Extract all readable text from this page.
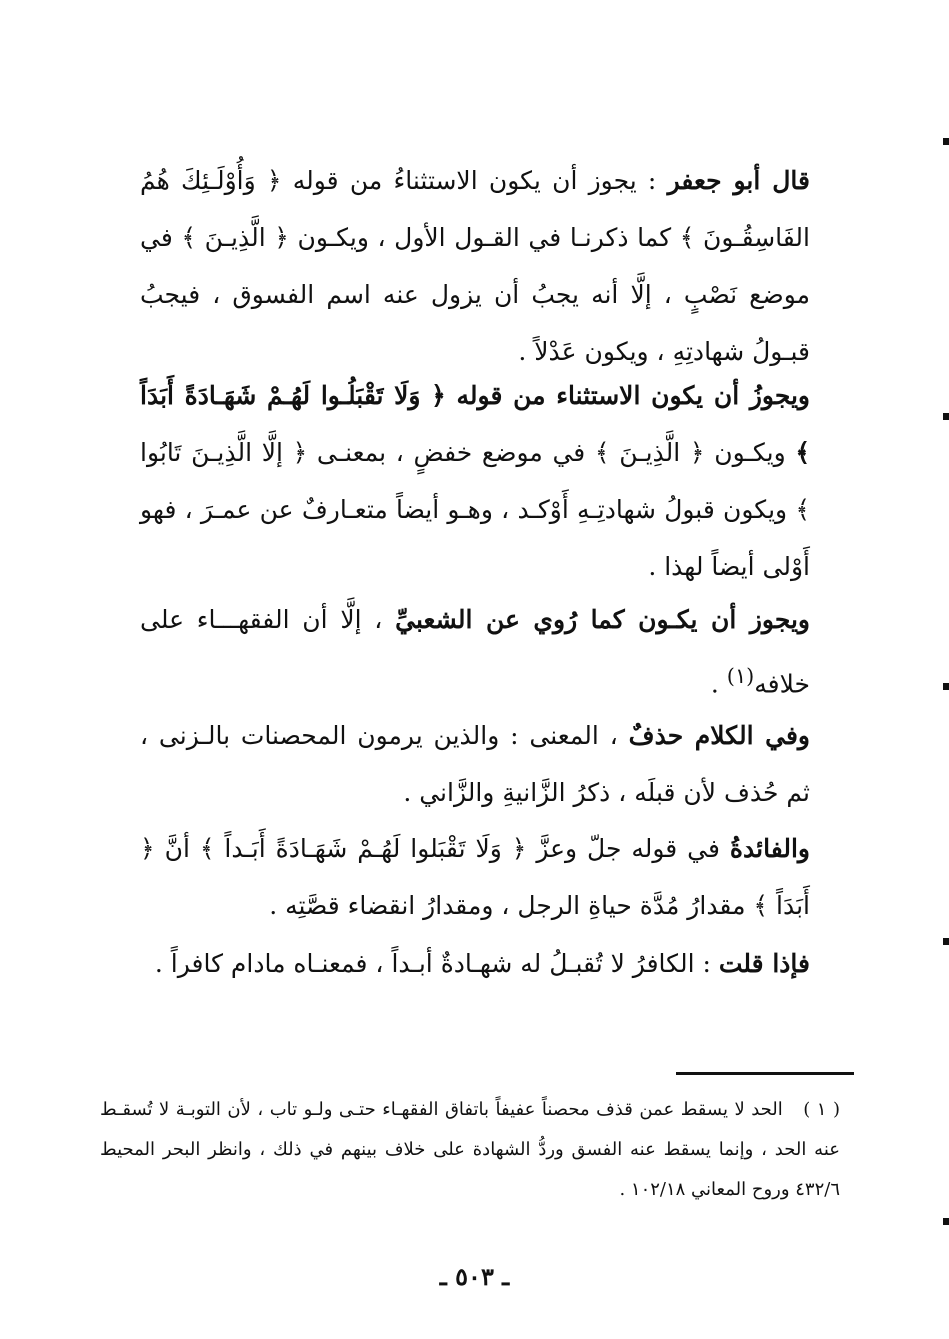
قال أبو جعفر : يجوز أن يكون الاستثناءُ من قوله ﴿ وَأُوْلَـئِكَ هُمُ الفَاسِقُـونَ ﴾ كما ذكرنـا في القـول الأول ، ويكـون ﴿ الَّذِيـنَ ﴾ في موضع نَصْبٍ ، إلَّا أنه يجبُ أن يزول عنه اسم الفسوق ، فيجبُ قبـولُ شهادتِهِ ، ويكون عَدْلاً .
ويجوزُ أن يكون الاستثناء من قوله ﴿ وَلَا تَقْبَلُـوا لَهُـمْ شَهَـادَةً أَبَدَاً ﴾ ويكـون ﴿ الَّذِيـنَ ﴾ في موضع خفضٍ ، بمعنـى ﴿ إلَّا الَّذِيـنَ تَابُوا ﴾ ويكون قبولُ شهادتِـهِ أَوْكـد ، وهـو أيضاً متعـارفٌ عن عمـرَ ، فهو أَوْلى أيضاً لهذا .
ويجوز أن يكـون كما رُوي عن الشعبيِّ ، إلَّا أن الفقهـــاء على خلافه$^{(١)}$ .
وفي الكلام حذفٌ ، المعنى : والذين يرمون المحصنات بالـزنى ، ثم حُذف لأن قبلَه ، ذكرُ الزَّانيةِ والزَّاني .
والفائدةُ في قوله جلّ وعزَّ ﴿ وَلَا تَقْبَلوا لَهُـمْ شَهَـادَةً أَبَـداً ﴾ أنَّ ﴿ أَبَدَاً ﴾ مقدارُ مُدَّة حياةِ الرجل ، ومقدارُ انقضاء قصَّتِه .
فإذا قلت : الكافرُ لا تُقبـلُ له شهـادةٌ أبـداً ، فمعنـاه مادام كافراً .
( ١ ) الحد لا يسقط عمن قذف محصناً عفيفاً باتفاق الفقهـاء حتـى ولـو تاب ، لأن التوبـة لا تُسقـط عنه الحد ، وإنما يسقط عنه الفسق وردُّ الشهادة على خلاف بينهم في ذلك ، وانظر البحر المحيط ٤٣٢/٦ وروح المعاني ١٠٢/١٨ .
ـ ٥٠٣ ـ
